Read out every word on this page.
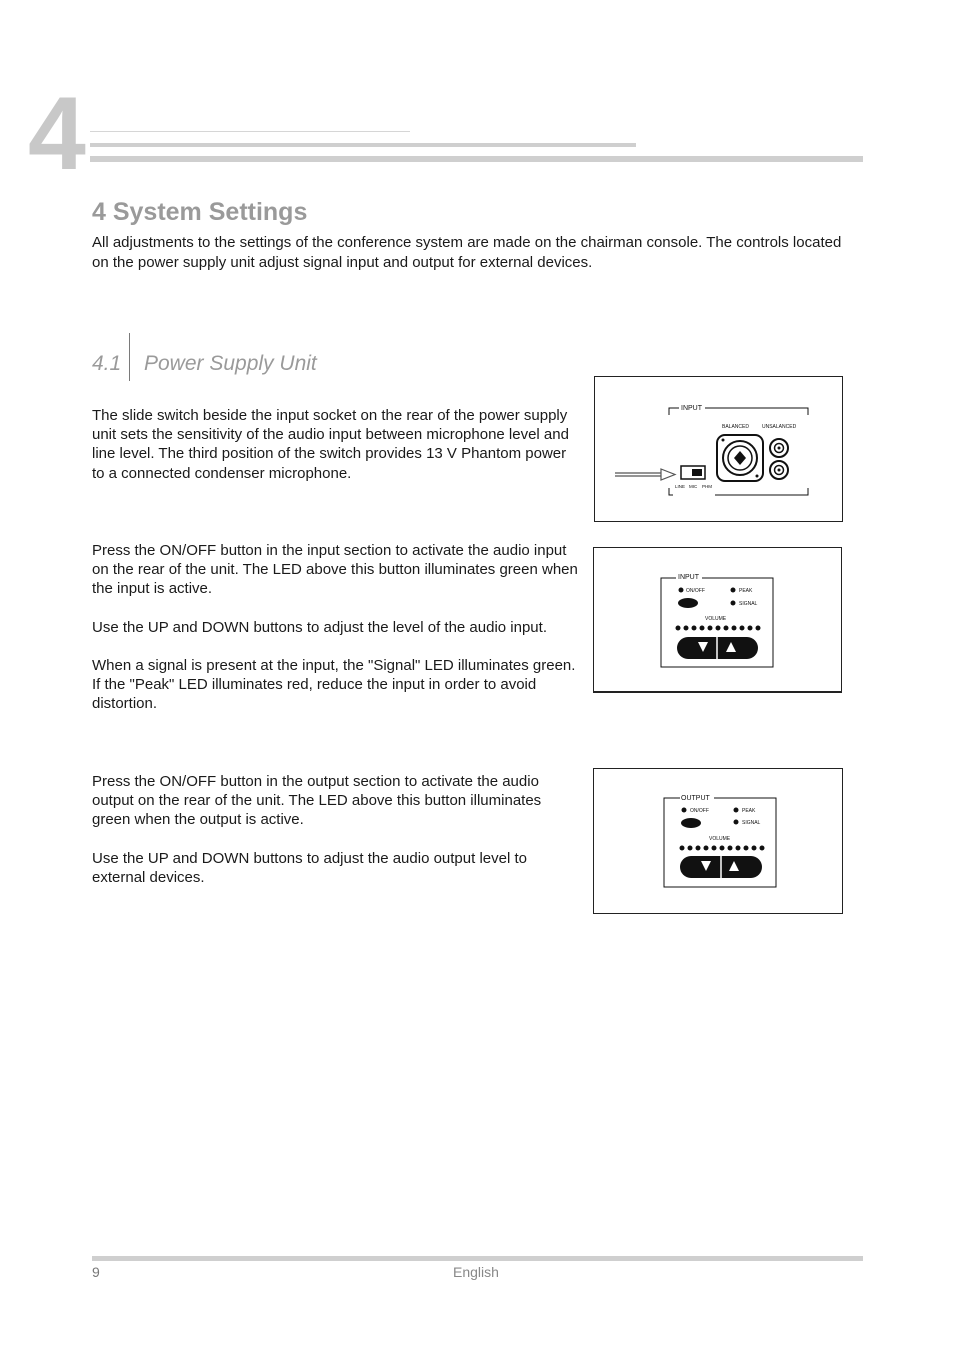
4
4 System Settings

All adjustments to the settings of the conference system are made on the chairman console. The controls located on the power supply unit adjust signal input and output for external devices.

4.1 Power Supply Unit

The slide switch beside the input socket on the rear of the power supply unit sets the sensitivity of the audio input between microphone level and line level. The third position of the switch provides 13 V Phantom power to a connected condenser microphone.

INPUT
BALANCED	UNSALANCED
LINE MIC PHM

Press the ON/OFF button in the input section to activate the audio input on the rear of the unit. The LED above this button illuminates green when the input is active.

INPUT
ON/OFF	PEAK
SIGNAL
VOLUME

Use the UP and DOWN buttons to adjust the level of the audio input.

When a signal is present at the input, the "Signal" LED illuminates green. If the "Peak" LED illuminates red, reduce the input in order to avoid distortion.

Press the ON/OFF button in the output section to activate the audio output on the rear of the unit. The LED above this button illuminates green when the output is active.

OUTPUT
ON/OFF	PEAK
SIGNAL
VOLUME

Use the UP and DOWN buttons to adjust the audio output level to external devices.

9	English
